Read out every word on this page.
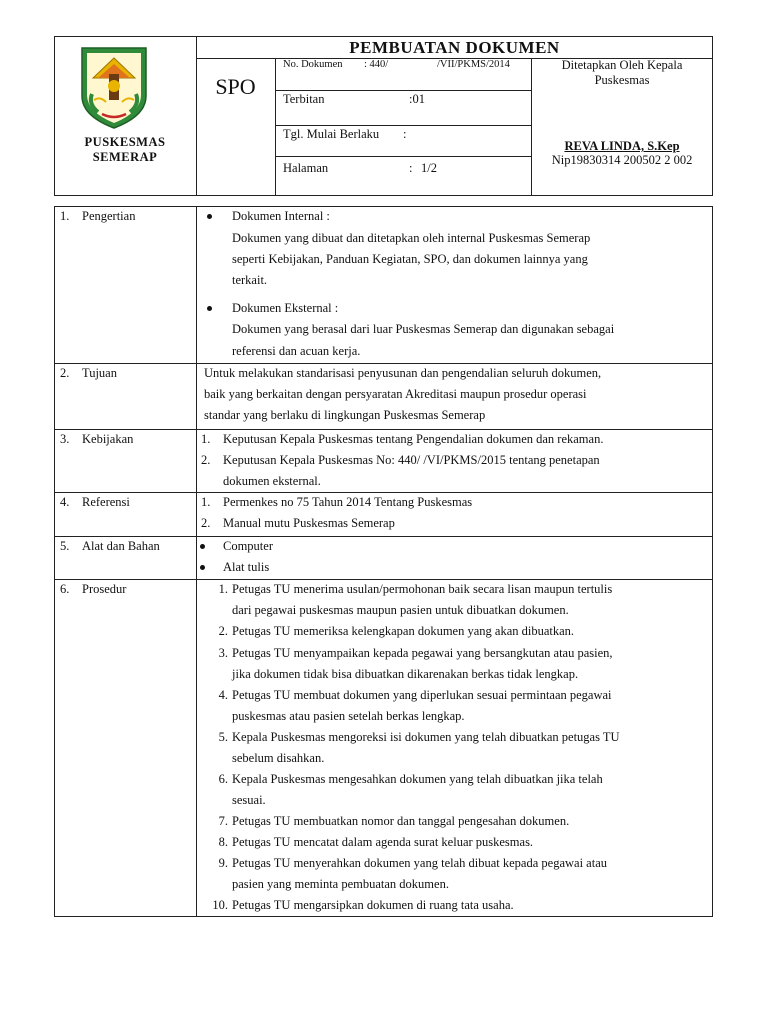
PUSKESMAS
SEMERAP
PEMBUATAN DOKUMEN
SPO
No. Dokumen : 440/	/VII/PKMS/2014
Terbitan	:01
Tgl. Mulai Berlaku :
Halaman	: 1/2
Ditetapkan Oleh Kepala
Puskesmas
REVA LINDA, S.Kep
Nip19830314 200502 2 002
1. Pengertian	Dokumen Internal :
Dokumen yang dibuat dan ditetapkan oleh internal Puskesmas Semerap
seperti Kebijakan, Panduan Kegiatan, SPO, dan dokumen lainnya yang
terkait.
Dokumen Eksternal :
Dokumen yang berasal dari luar Puskesmas Semerap dan digunakan sebagai
referensi dan acuan kerja.
2. Tujuan	Untuk melakukan standarisasi penyusunan dan pengendalian seluruh dokumen,
baik yang berkaitan dengan persyaratan Akreditasi maupun prosedur operasi
standar yang berlaku di lingkungan Puskesmas Semerap
3. Kebijakan	1. Keputusan Kepala Puskesmas tentang Pengendalian dokumen dan rekaman.
2. Keputusan Kepala Puskesmas No: 440/ /VI/PKMS/2015 tentang penetapan
dokumen eksternal.
4. Referensi	1. Permenkes no 75 Tahun 2014 Tentang Puskesmas
2. Manual mutu Puskesmas Semerap
5. Alat dan Bahan	Computer
Alat tulis
6. Prosedur	1. Petugas TU menerima usulan/permohonan baik secara lisan maupun tertulis
dari pegawai puskesmas maupun pasien untuk dibuatkan dokumen.
2. Petugas TU memeriksa kelengkapan dokumen yang akan dibuatkan.
3. Petugas TU menyampaikan kepada pegawai yang bersangkutan atau pasien,
jika dokumen tidak bisa dibuatkan dikarenakan berkas tidak lengkap.
4. Petugas TU membuat dokumen yang diperlukan sesuai permintaan pegawai
puskesmas atau pasien setelah berkas lengkap.
5. Kepala Puskesmas mengoreksi isi dokumen yang telah dibuatkan petugas TU
sebelum disahkan.
6. Kepala Puskesmas mengesahkan dokumen yang telah dibuatkan jika telah
sesuai.
7. Petugas TU membuatkan nomor dan tanggal pengesahan dokumen.
8. Petugas TU mencatat dalam agenda surat keluar puskesmas.
9. Petugas TU menyerahkan dokumen yang telah dibuat kepada pegawai atau
pasien yang meminta pembuatan dokumen.
10. Petugas TU mengarsipkan dokumen di ruang tata usaha.
